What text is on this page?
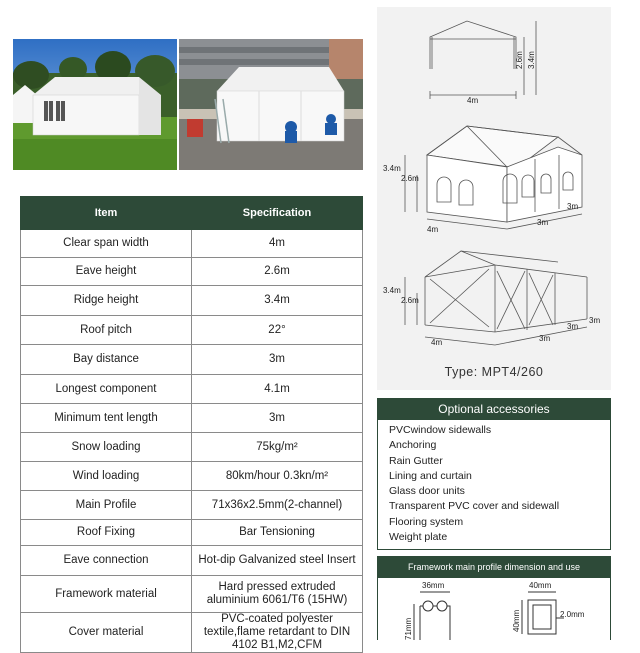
Item	Specification
Clear span width	4m
Eave height	2.6m
Ridge height	3.4m
Roof pitch	22°
Bay distance	3m
Longest component	4.1m
Minimum tent length	3m
Snow loading	75kg/m²
Wind loading	80km/hour 0.3kn/m²
Main Profile	71x36x2.5mm(2-channel)
Roof Fixing	Bar Tensioning
Eave connection	Hot-dip Galvanized steel Insert
Framework material	Hard pressed extruded aluminium 6061/T6 (15HW)
Cover material	PVC-coated polyester textile,flame retardant to DIN 4102 B1,M2,CFM
4m
2.6m 3.4m
3.4m
2.6m
4m
3m
3m
3.4m
2.6m
4m	3m
3m
3m
Type: MPT4/260
Optional accessories
PVCwindow sidewalls
Anchoring
Rain Gutter
Lining and curtain
Glass door units
Transparent PVC cover and sidewall
Flooring system
Weight plate
Framework main profile dimension and use
36mm
71mm
40mm
40mm	2.0mm
